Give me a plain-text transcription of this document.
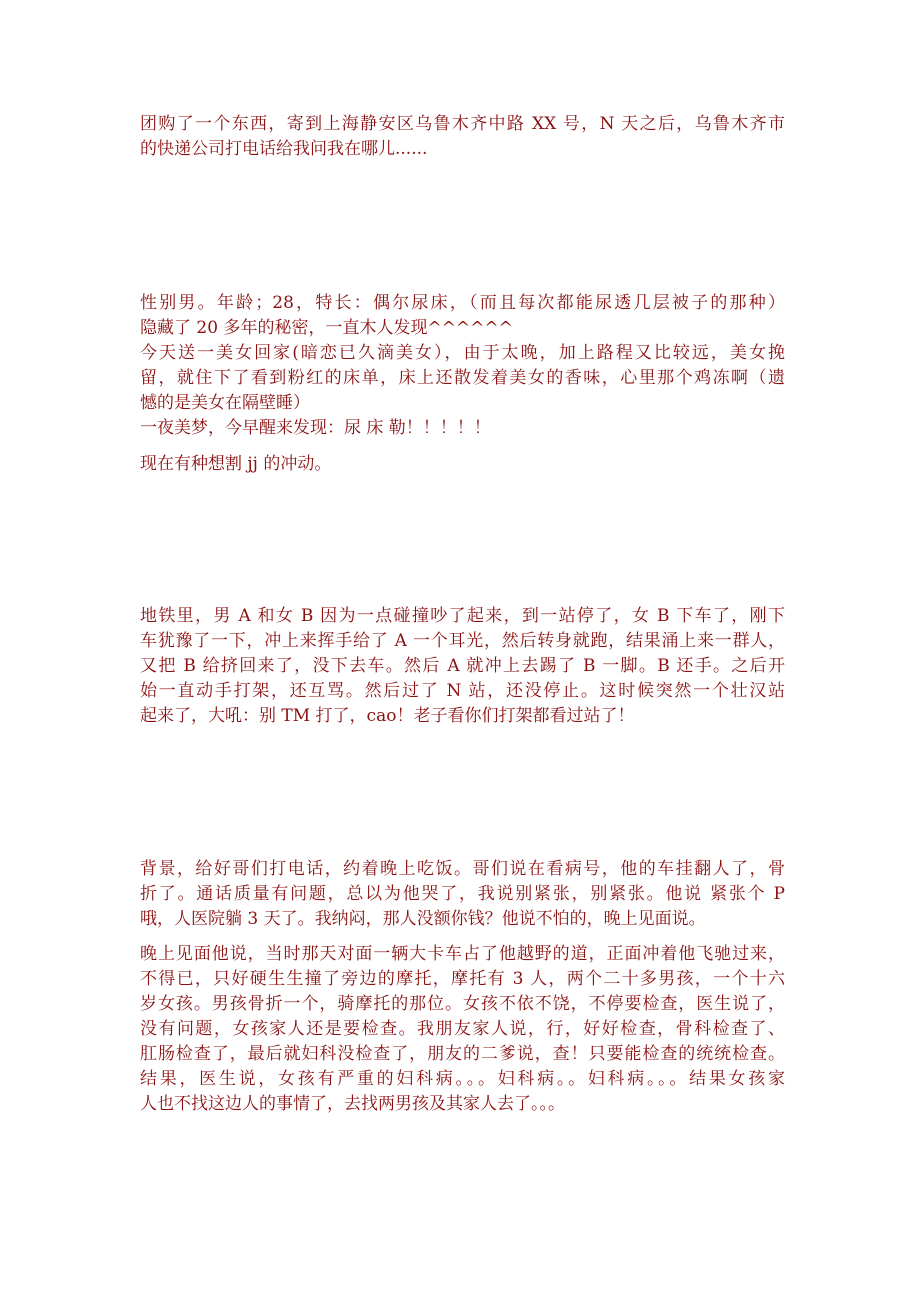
团购了一个东西，寄到上海静安区乌鲁木齐中路 XX 号，N 天之后，乌鲁木齐市
的快递公司打电话给我问我在哪儿......
性别男。年龄；28，特长：偶尔尿床，（而且每次都能尿透几层被子的那种）
隐藏了 20 多年的秘密，一直木人发现^^^^^^
今天送一美女回家(暗恋已久滴美女），由于太晚，加上路程又比较远，美女挽
留，就住下了看到粉红的床单，床上还散发着美女的香味，心里那个鸡冻啊（遗
憾的是美女在隔壁睡）
一夜美梦，今早醒来发现：尿 床 勒！！！！！
现在有种想割 jj 的冲动。
地铁里，男 A 和女 B 因为一点碰撞吵了起来，到一站停了，女 B 下车了，刚下
车犹豫了一下，冲上来挥手给了 A 一个耳光，然后转身就跑，结果涌上来一群人，
又把 B 给挤回来了，没下去车。然后 A 就冲上去踢了 B 一脚。B 还手。之后开
始一直动手打架，还互骂。然后过了 N 站，还没停止。这时候突然一个壮汉站
起来了，大吼：别 TM 打了，cao！老子看你们打架都看过站了！
背景，给好哥们打电话，约着晚上吃饭。哥们说在看病号，他的车挂翻人了，骨
折了。通话质量有问题，总以为他哭了，我说别紧张，别紧张。他说 紧张个 P
哦，人医院躺 3 天了。我纳闷，那人没额你钱？他说不怕的，晚上见面说。
晚上见面他说，当时那天对面一辆大卡车占了他越野的道，正面冲着他飞驰过来，
不得已，只好硬生生撞了旁边的摩托，摩托有 3 人，两个二十多男孩，一个十六
岁女孩。男孩骨折一个，骑摩托的那位。女孩不依不饶，不停要检查，医生说了，
没有问题，女孩家人还是要检查。我朋友家人说，行，好好检查，骨科检查了、
肛肠检查了，最后就妇科没检查了，朋友的二爹说，查！只要能检查的统统检查。
结果，医生说，女孩有严重的妇科病。。。妇科病。。妇科病。。。结果女孩家
人也不找这边人的事情了，去找两男孩及其家人去了。。。
